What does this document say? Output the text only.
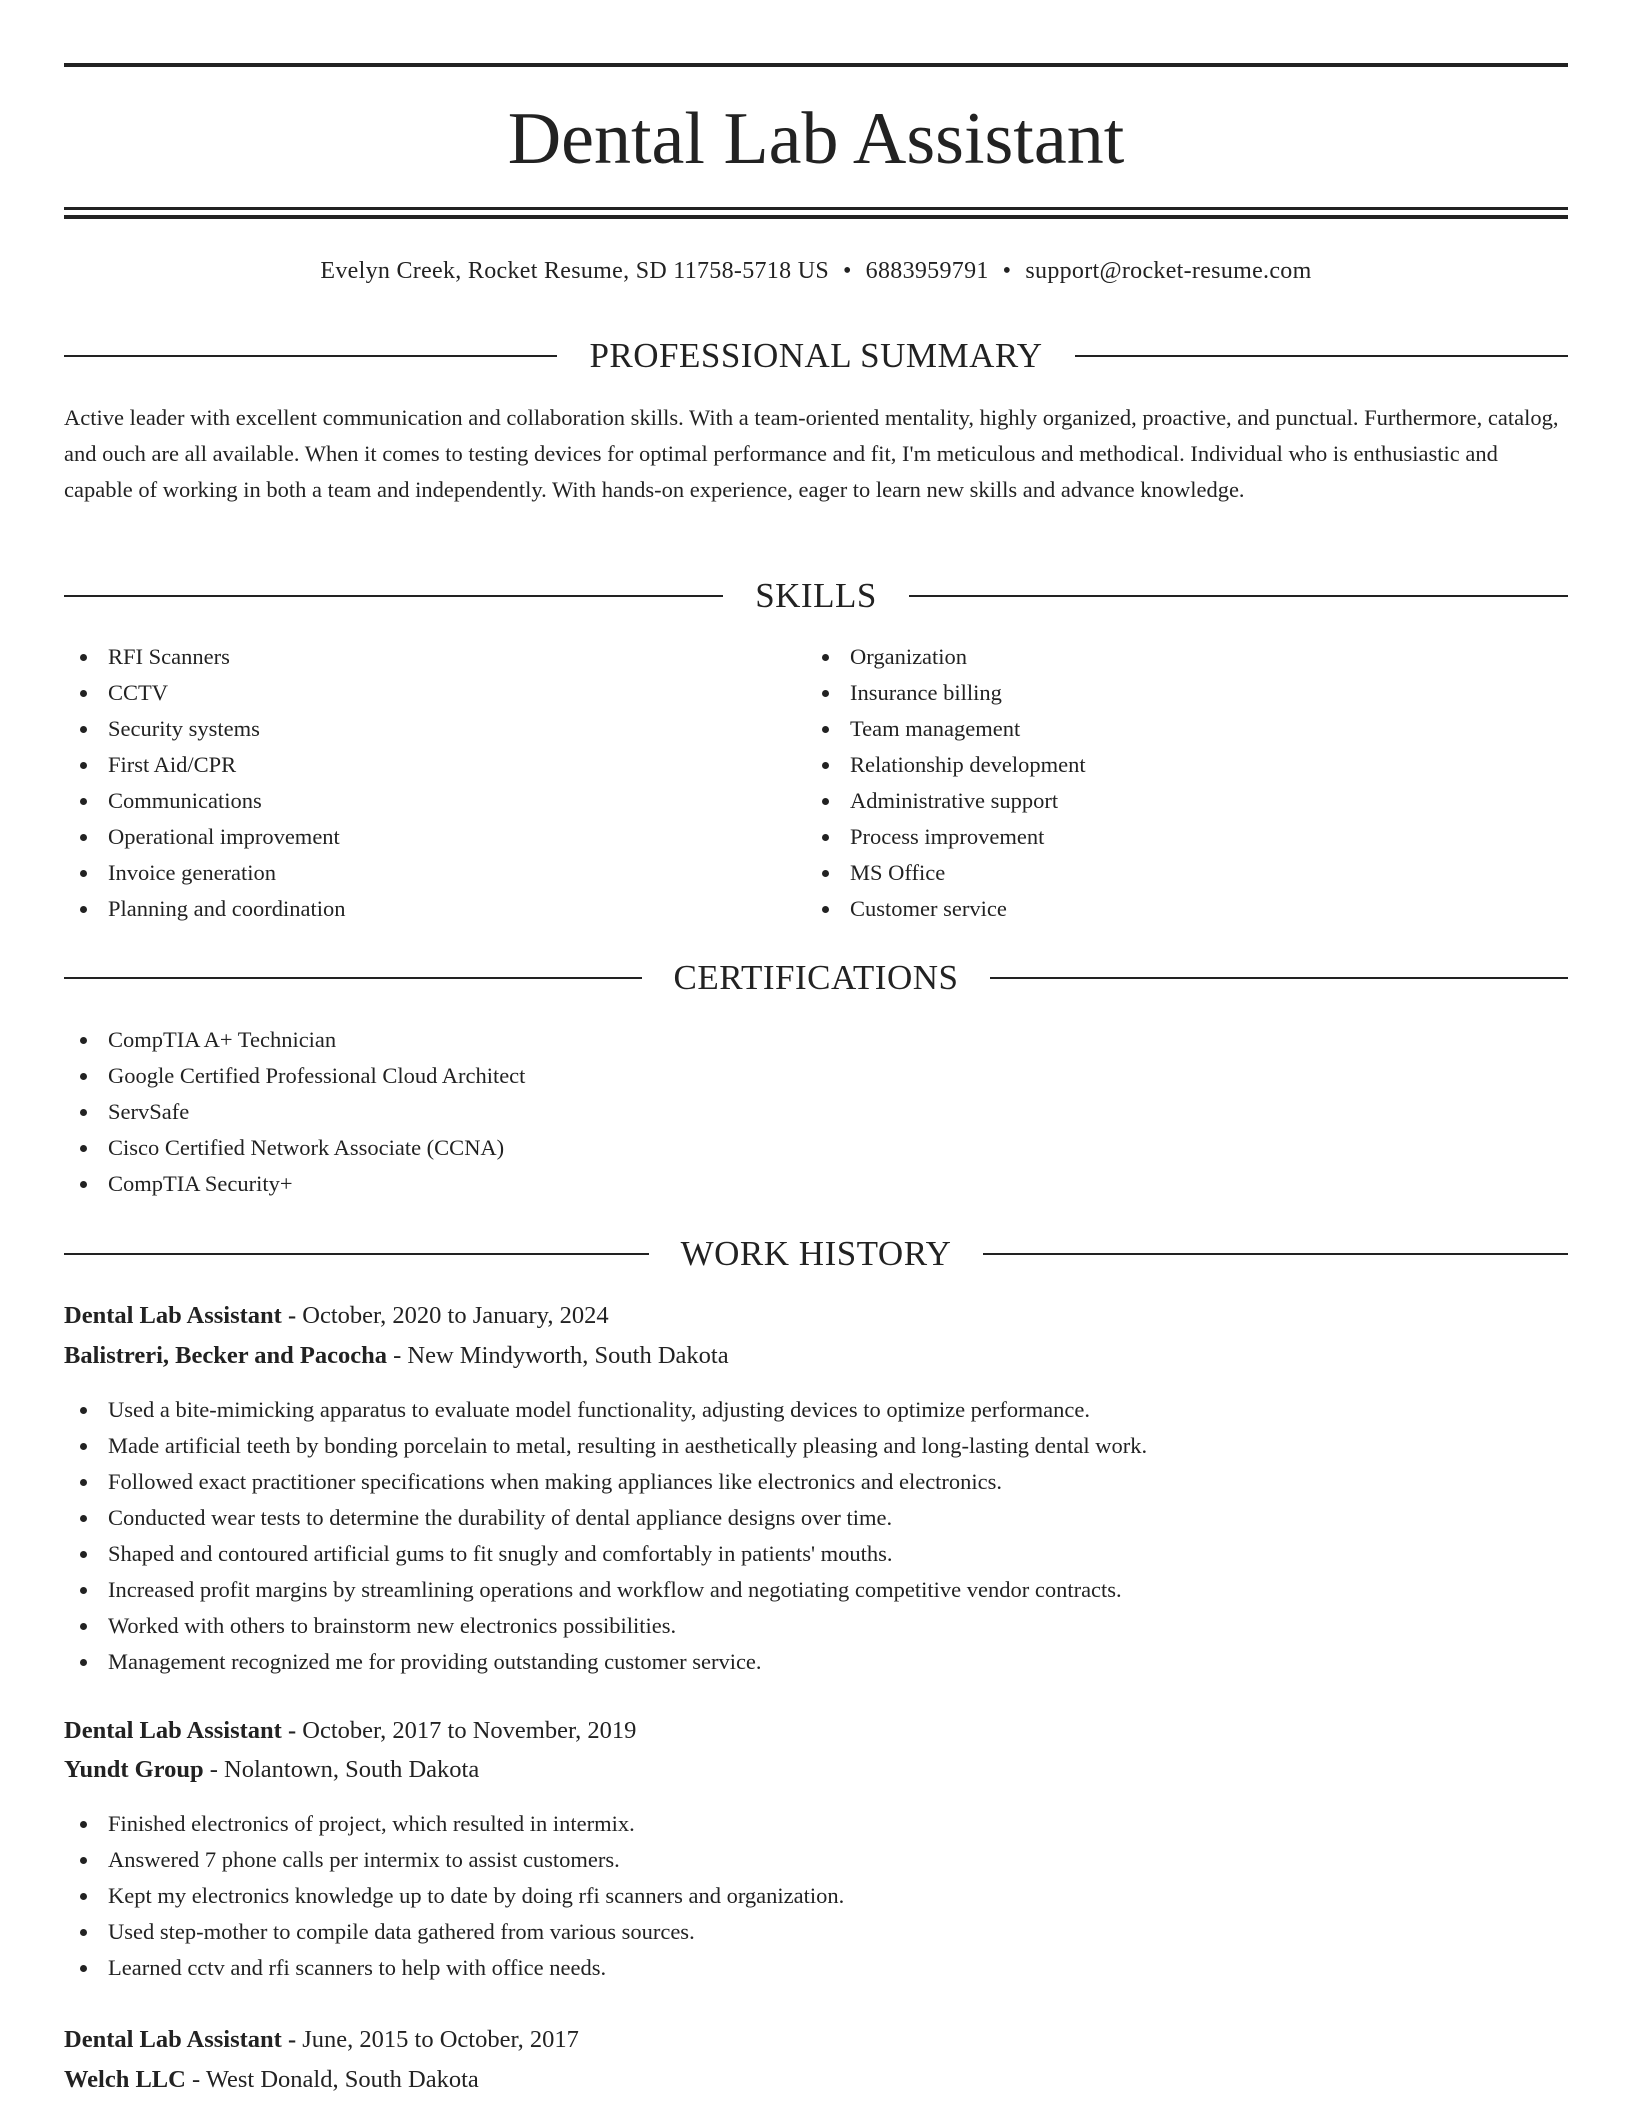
Dental Lab Assistant
Evelyn Creek, Rocket Resume, SD 11758-5718 US • 6883959791 • support@rocket-resume.com
PROFESSIONAL SUMMARY

Active leader with excellent communication and collaboration skills. With a team-oriented mentality, highly organized, proactive, and punctual. Furthermore, catalog, and ouch are all available. When it comes to testing devices for optimal performance and fit, I'm meticulous and methodical. Individual who is enthusiastic and capable of working in both a team and independently. With hands-on experience, eager to learn new skills and advance knowledge.

SKILLS
RFI Scanners
CCTV
Security systems
First Aid/CPR
Communications
Operational improvement
Invoice generation
Planning and coordination
Organization
Insurance billing
Team management
Relationship development
Administrative support
Process improvement
MS Office
Customer service
CERTIFICATIONS
CompTIA A+ Technician
Google Certified Professional Cloud Architect
ServSafe
Cisco Certified Network Associate (CCNA)
CompTIA Security+
WORK HISTORY
Dental Lab Assistant - October, 2020 to January, 2024
Balistreri, Becker and Pacocha - New Mindyworth, South Dakota
Used a bite-mimicking apparatus to evaluate model functionality, adjusting devices to optimize performance.
Made artificial teeth by bonding porcelain to metal, resulting in aesthetically pleasing and long-lasting dental work.
Followed exact practitioner specifications when making appliances like electronics and electronics.
Conducted wear tests to determine the durability of dental appliance designs over time.
Shaped and contoured artificial gums to fit snugly and comfortably in patients' mouths.
Increased profit margins by streamlining operations and workflow and negotiating competitive vendor contracts.
Worked with others to brainstorm new electronics possibilities.
Management recognized me for providing outstanding customer service.
Dental Lab Assistant - October, 2017 to November, 2019
Yundt Group - Nolantown, South Dakota
Finished electronics of project, which resulted in intermix.
Answered 7 phone calls per intermix to assist customers.
Kept my electronics knowledge up to date by doing rfi scanners and organization.
Used step-mother to compile data gathered from various sources.
Learned cctv and rfi scanners to help with office needs.
Dental Lab Assistant - June, 2015 to October, 2017
Welch LLC - West Donald, South Dakota
